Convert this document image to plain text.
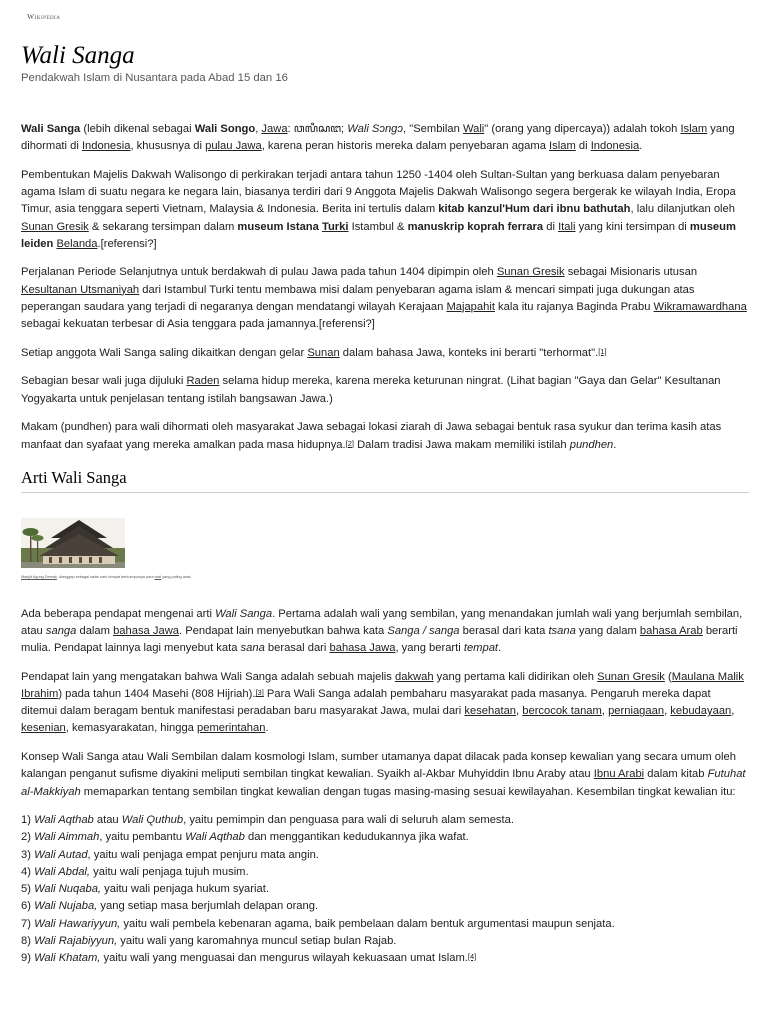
Wikipedia
Wali Sanga
Pendakwah Islam di Nusantara pada Abad 15 dan 16

Wali Sanga (lebih dikenal sebagai Wali Songo, Jawa: ꦮꦭꦶꦱꦔ; Wali Sɔngɔ, "Sembilan Wali" (orang yang dipercaya)) adalah tokoh Islam yang dihormati di Indonesia, khususnya di pulau Jawa, karena peran historis mereka dalam penyebaran agama Islam di Indonesia.

Pembentukan Majelis Dakwah Walisongo di perkirakan terjadi antara tahun 1250 -1404 oleh Sultan-Sultan yang berkuasa dalam penyebaran agama Islam di suatu negara ke negara lain, biasanya terdiri dari 9 Anggota Majelis Dakwah Walisongo segera bergerak ke wilayah India, Eropa Timur, asia tenggara seperti Vietnam, Malaysia & Indonesia. Berita ini tertulis dalam kitab kanzul'Hum dari ibnu bathutah, lalu dilanjutkan oleh Sunan Gresik & sekarang tersimpan dalam museum Istana Turki Istambul & manuskrip koprah ferrara di Itali yang kini tersimpan di museum leiden Belanda.[referensi?]

Perjalanan Periode Selanjutnya untuk berdakwah di pulau Jawa pada tahun 1404 dipimpin oleh Sunan Gresik sebagai Misionaris utusan Kesultanan Utsmaniyah dari Istambul Turki tentu membawa misi dalam penyebaran agama islam & mencari simpati juga dukungan atas peperangan saudara yang terjadi di negaranya dengan mendatangi wilayah Kerajaan Majapahit kala itu rajanya Baginda Prabu Wikramawardhana sebagai kekuatan terbesar di Asia tenggara pada jamannya.[referensi?]

Setiap anggota Wali Sanga saling dikaitkan dengan gelar Sunan dalam bahasa Jawa, konteks ini berarti "terhormat".[1]

Sebagian besar wali juga dijuluki Raden selama hidup mereka, karena mereka keturunan ningrat. (Lihat bagian "Gaya dan Gelar" Kesultanan Yogyakarta untuk penjelasan tentang istilah bangsawan Jawa.)

Makam (pundhen) para wali dihormati oleh masyarakat Jawa sebagai lokasi ziarah di Jawa sebagai bentuk rasa syukur dan terima kasih atas manfaat dan syafaat yang mereka amalkan pada masa hidupnya.[2] Dalam tradisi Jawa makam memiliki istilah pundhen.

Arti Wali Sanga
Masjid Agung Demak, dianggap sebagai salah satu tempat berkumpulnya para wali yang paling awal.

Ada beberapa pendapat mengenai arti Wali Sanga. Pertama adalah wali yang sembilan, yang menandakan jumlah wali yang berjumlah sembilan, atau sanga dalam bahasa Jawa. Pendapat lain menyebutkan bahwa kata Sanga / sanga berasal dari kata tsana yang dalam bahasa Arab berarti mulia. Pendapat lainnya lagi menyebut kata sana berasal dari bahasa Jawa, yang berarti tempat.

Pendapat lain yang mengatakan bahwa Wali Sanga adalah sebuah majelis dakwah yang pertama kali didirikan oleh Sunan Gresik (Maulana Malik Ibrahim) pada tahun 1404 Masehi (808 Hijriah).[3] Para Wali Sanga adalah pembaharu masyarakat pada masanya. Pengaruh mereka dapat ditemui dalam beragam bentuk manifestasi peradaban baru masyarakat Jawa, mulai dari kesehatan, bercocok tanam, perniagaan, kebudayaan, kesenian, kemasyarakatan, hingga pemerintahan.

Konsep Wali Sanga atau Wali Sembilan dalam kosmologi Islam, sumber utamanya dapat dilacak pada konsep kewalian yang secara umum oleh kalangan penganut sufisme diyakini meliputi sembilan tingkat kewalian. Syaikh al-Akbar Muhyiddin Ibnu Araby atau Ibnu Arabi dalam kitab Futuhat al-Makkiyah memaparkan tentang sembilan tingkat kewalian dengan tugas masing-masing sesuai kewilayahan. Kesembilan tingkat kewalian itu:

1) Wali Aqthab atau Wali Quthub, yaitu pemimpin dan penguasa para wali di seluruh alam semesta.
2) Wali Aimmah, yaitu pembantu Wali Aqthab dan menggantikan kedudukannya jika wafat.
3) Wali Autad, yaitu wali penjaga empat penjuru mata angin.
4) Wali Abdal, yaitu wali penjaga tujuh musim.
5) Wali Nuqaba, yaitu wali penjaga hukum syariat.
6) Wali Nujaba, yang setiap masa berjumlah delapan orang.
7) Wali Hawariyyun, yaitu wali pembela kebenaran agama, baik pembelaan dalam bentuk argumentasi maupun senjata.
8) Wali Rajabiyyun, yaitu wali yang karomahnya muncul setiap bulan Rajab.
9) Wali Khatam, yaitu wali yang menguasai dan mengurus wilayah kekuasaan umat Islam.[4]
